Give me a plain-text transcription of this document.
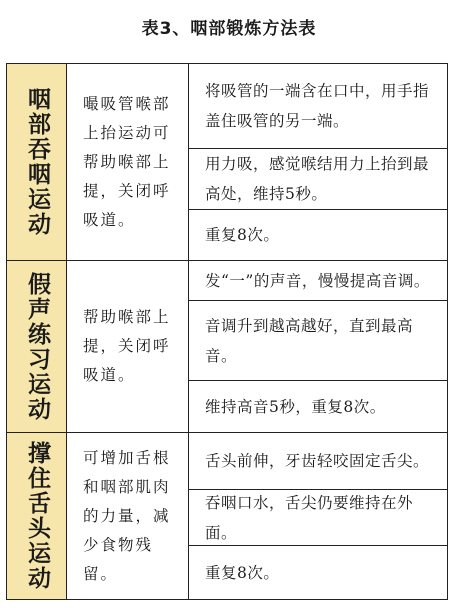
表3、咽部锻炼方法表
咽部吞咽运动 嘬吸管喉部上抬运动可帮助喉部上提，关闭呼吸道。
将吸管的一端含在口中，用手指盖住吸管的另一端。
用力吸，感觉喉结用力上抬到最高处，维持5秒。
重复8次。
假声练习运动 帮助喉部上提，关闭呼吸道。
发“一”的声音，慢慢提高音调。
音调升到越高越好，直到最高音。
维持高音5秒，重复8次。
撑住舌头运动 可增加舌根和咽部肌肉的力量，减少食物残留。
舌头前伸，牙齿轻咬固定舌尖。
吞咽口水，舌尖仍要维持在外面。
重复8次。
